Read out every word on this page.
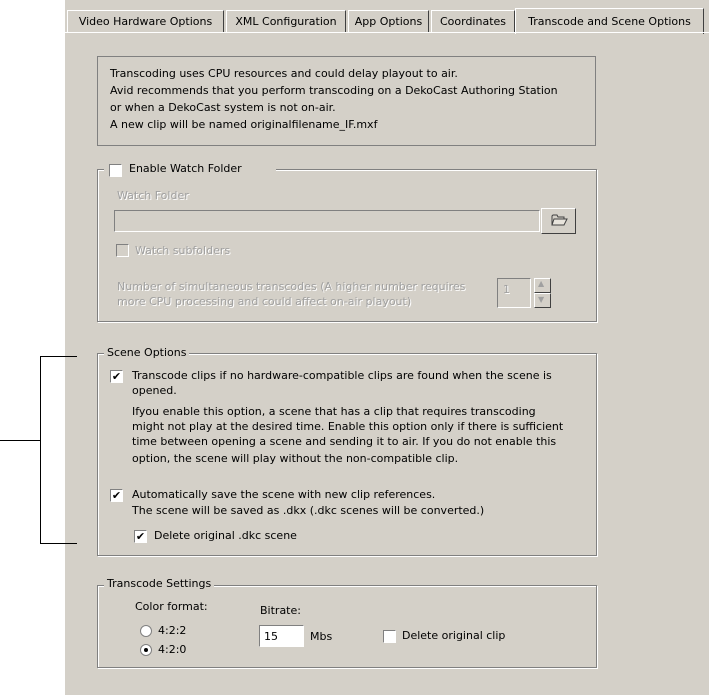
Video Hardware Options	XML Configuration	App Options	Coordinates	Transcode and Scene Options
Transcoding uses CPU resources and could delay playout to air.
Avid recommends that you perform transcoding on a DekoCast Authoring Station
or when a DekoCast system is not on-air.
A new clip will be named originalfilename_IF.mxf
Enable Watch Folder
Watch Folder
Watch subfolders
Number of simultaneous transcodes (A higher number requires
more CPU processing and could affect on-air playout)
1	▲
▼
Scene Options
✔ Transcode clips if no hardware-compatible clips are found when the scene is
opened.
Ifyou enable this option, a scene that has a clip that requires transcoding
might not play at the desired time. Enable this option only if there is sufficient
time between opening a scene and sending it to air. If you do not enable this
option, the scene will play without the non-compatible clip.
✔ Automatically save the scene with new clip references.
The scene will be saved as .dkx (.dkc scenes will be converted.)
✔ Delete original .dkc scene
Transcode Settings
Color format:
4:2:2
4:2:0
Bitrate:
15	Mbs	Delete original clip
